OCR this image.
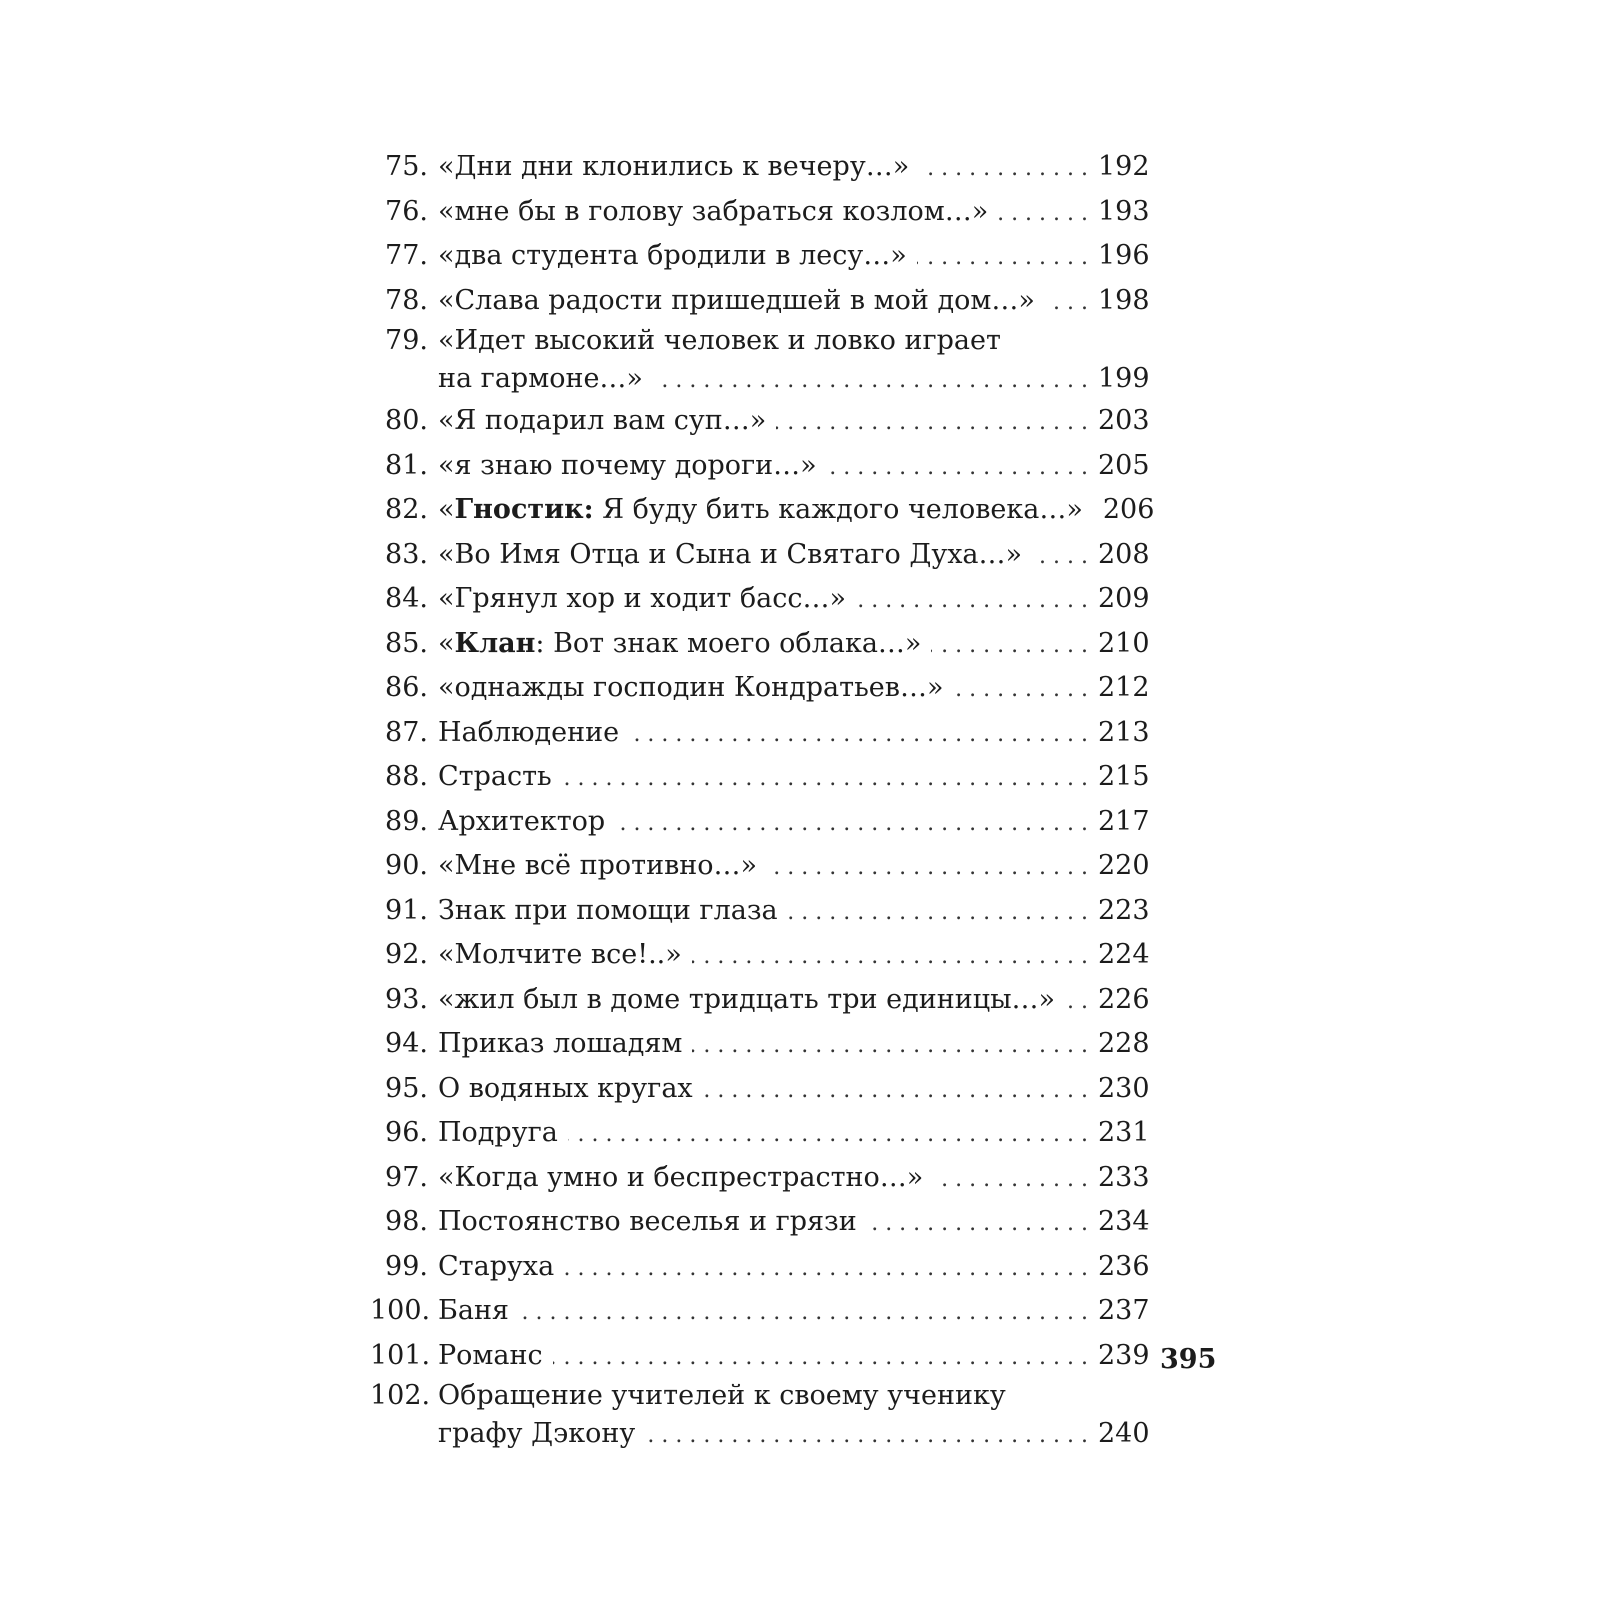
75. «Дни дни клонились к вечеру…» . . .	192
76. «мне бы в голову забраться козлом…» . . .	193
77. «два студента бродили в лесу…» . . .	196
78. «Слава радости пришедшей в мой дом…» . . .	198
79. «Идет высокий человек и ловко играет
на гармоне…» . . .	199
80. «Я подарил вам суп…» . . .	203
81. «я знаю почему дороги…» . . .	205
82. «Гностик: Я буду бить каждого человека…» 206
83. «Во Имя Отца и Сына и Святаго Духа…» . . .	208
84. «Грянул хор и ходит басс…» . . .	209
85. «Клан: Вот знак моего облака…» . . .	210
86. «однажды господин Кондратьев…» . . .	212
87. Наблюдение . . .	213
88. Страсть . . .	215
89. Архитектор . . .	217
90. «Мне всё противно…» . . .	220
91. Знак при помощи глаза . . .	223
92. «Молчите все!..» . . .	224
93. «жил был в доме тридцать три единицы…» . . .	226
94. Приказ лошадям . . .	228
95. О водяных кругах . . .	230
96. Подруга . . .	231
97. «Когда умно и беспрестрастно…» . . .	233
98. Постоянство веселья и грязи . . .	234
99. Старуха . . .	236
100. Баня . . .	237
101. Романс . . .	239
102. Обращение учителей к своему ученику
графу Дэкону . . .	240
395
